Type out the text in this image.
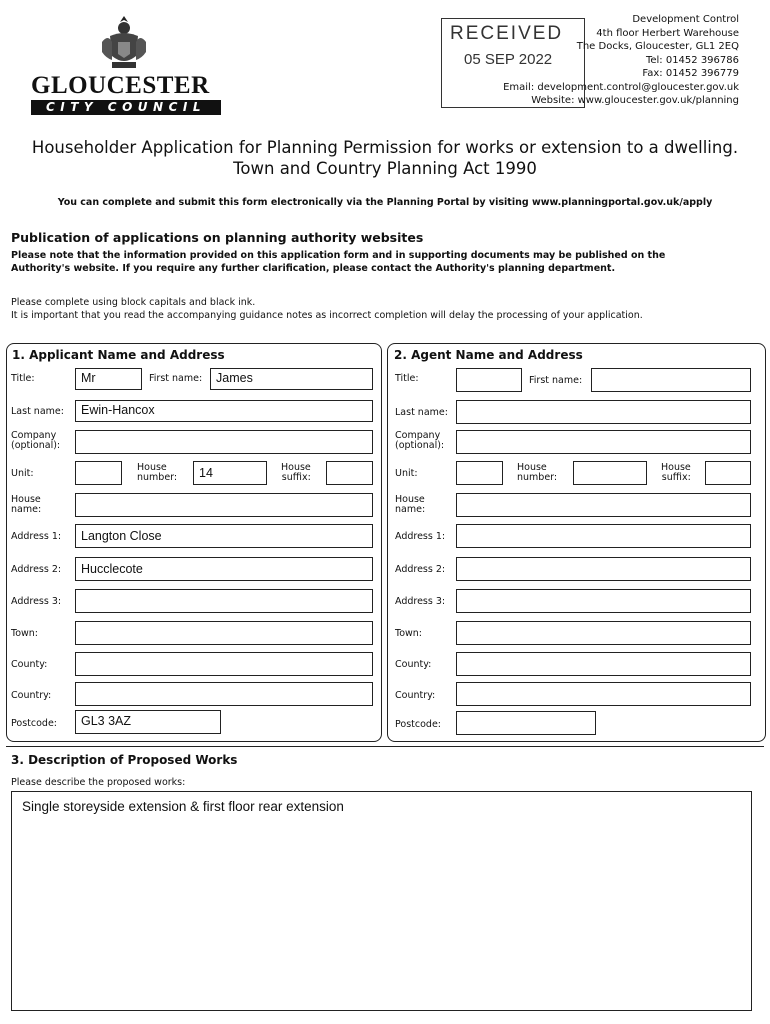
GLOUCESTER
CITY COUNCIL
RECEIVED
05 SEP 2022
Development Control
4th floor Herbert Warehouse
The Docks, Gloucester, GL1 2EQ
Tel: 01452 396786
Fax: 01452 396779
Email: development.control@gloucester.gov.uk
Website: www.gloucester.gov.uk/planning
Householder Application for Planning Permission for works or extension to a dwelling.
Town and Country Planning Act 1990
You can complete and submit this form electronically via the Planning Portal by visiting www.planningportal.gov.uk/apply
Publication of applications on planning authority websites
Please note that the information provided on this application form and in supporting documents may be published on the
Authority's website. If you require any further clarification, please contact the Authority's planning department.
Please complete using block capitals and black ink.
It is important that you read the accompanying guidance notes as incorrect completion will delay the processing of your application.
1. Applicant Name and Address
Title:	Mr	First name:	James
Last name:	Ewin-Hancox
Company
(optional):
Unit:
House
number:	14	House
suffix:
House
name:
Address 1:	Langton Close
Address 2:	Hucclecote
Address 3:
Town:
County:
Country:
Postcode:	GL3 3AZ
2. Agent Name and Address
Title:	First name:
Last name:
Company
(optional):
Unit:
House
number:
House
suffix:
House
name:
Address 1:
Address 2:
Address 3:
Town:
County:
Country:
Postcode:
3. Description of Proposed Works
Please describe the proposed works:
Single storeyside extension & first floor rear extension
